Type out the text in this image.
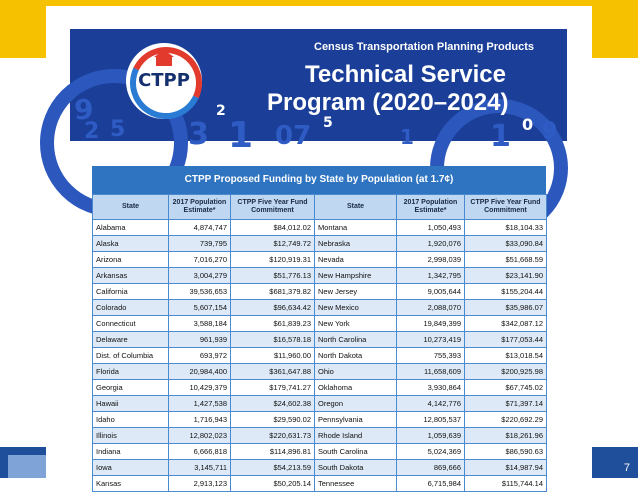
7
9
2 5 3
2
1 07 5
1	1 0 9
CTPP
Census Transportation Planning Products
Technical Service
Program (2020–2024)
CTPP Proposed Funding by State by Population (at 1.7¢)
State	2017 Population Estimate*	CTPP Five Year Fund Commitment	State	2017 Population Estimate*	CTPP Five Year Fund Commitment
Alabama	4,874,747	$84,012.02	Montana	1,050,493	$18,104.33
Alaska	739,795	$12,749.72	Nebraska	1,920,076	$33,090.84
Arizona	7,016,270	$120,919.31	Nevada	2,998,039	$51,668.59
Arkansas	3,004,279	$51,776.13	New Hampshire	1,342,795	$23,141.90
California	39,536,653	$681,379.82	New Jersey	9,005,644	$155,204.44
Colorado	5,607,154	$96,634.42	New Mexico	2,088,070	$35,986.07
Connecticut	3,588,184	$61,839.23	New York	19,849,399	$342,087.12
Delaware	961,939	$16,578.18	North Carolina	10,273,419	$177,053.44
Dist. of Columbia	693,972	$11,960.00	North Dakota	755,393	$13,018.54
Florida	20,984,400	$361,647.88	Ohio	11,658,609	$200,925.98
Georgia	10,429,379	$179,741.27	Oklahoma	3,930,864	$67,745.02
Hawaii	1,427,538	$24,602.38	Oregon	4,142,776	$71,397.14
Idaho	1,716,943	$29,590.02	Pennsylvania	12,805,537	$220,692.29
Illinois	12,802,023	$220,631.73	Rhode Island	1,059,639	$18,261.96
Indiana	6,666,818	$114,896.81	South Carolina	5,024,369	$86,590.63
Iowa	3,145,711	$54,213.59	South Dakota	869,666	$14,987.94
Kansas	2,913,123	$50,205.14	Tennessee	6,715,984	$115,744.14
